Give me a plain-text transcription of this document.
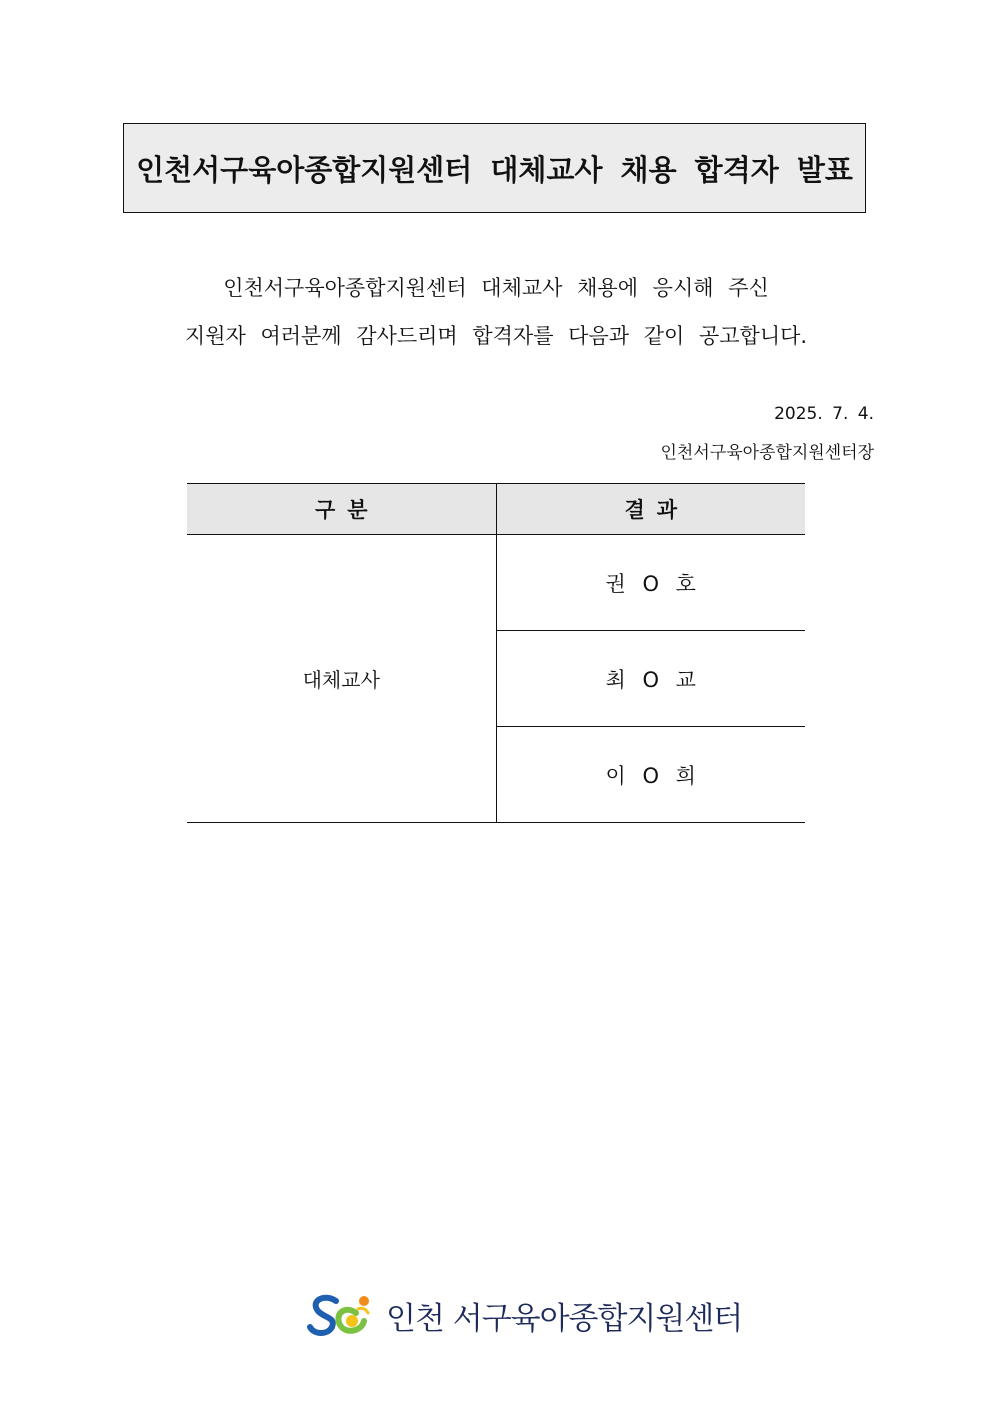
인천서구육아종합지원센터 대체교사 채용 합격자 발표
인천서구육아종합지원센터 대체교사 채용에 응시해 주신
지원자 여러분께 감사드리며 합격자를 다음과 같이 공고합니다.
2025. 7. 4.
인천서구육아종합지원센터장
구분	결과
대체교사	권 O 호
	최 O 교
	이 O 희
인천 서구육아종합지원센터
